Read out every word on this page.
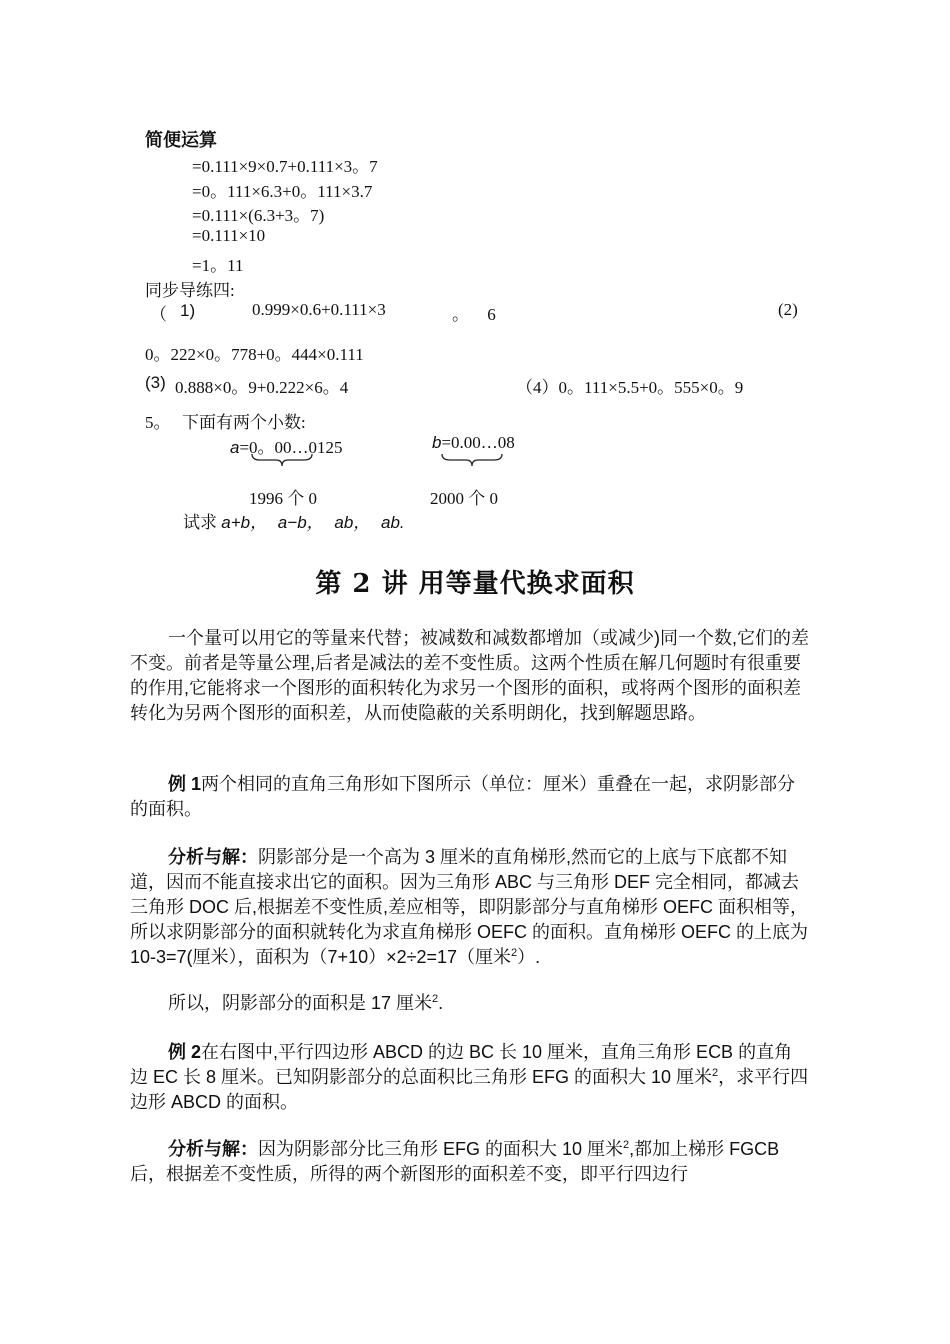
简便运算
=0.111×9×0.7+0.111×3。7
=0。111×6.3+0。111×3.7
=0.111×(6.3+3。7)
=0.111×10
=1。11
同步导练四:
（ 1)	0.999×0.6+0.111×3	。 6	(2)
0。222×0。778+0。444×0.111
(3) 0.888×0。9+0.222×6。4	（4）0。111×5.5+0。555×0。9
5。 下面有两个小数:
a=0。00…0125	b=0.00…08
1996 个 0	2000 个 0
试求 a+b， a−b， ab， ab.
第 2 讲 用等量代换求面积
一个量可以用它的等量来代替；被减数和减数都增加（或减少)同一个数,它们的差不变。前者是等量公理,后者是减法的差不变性质。这两个性质在解几何题时有很重要的作用,它能将求一个图形的面积转化为求另一个图形的面积，或将两个图形的面积差转化为另两个图形的面积差，从而使隐蔽的关系明朗化，找到解题思路。
例 1两个相同的直角三角形如下图所示（单位：厘米）重叠在一起，求阴影部分的面积。
分析与解：阴影部分是一个高为 3 厘米的直角梯形,然而它的上底与下底都不知道，因而不能直接求出它的面积。因为三角形 ABC 与三角形 DEF 完全相同，都减去三角形 DOC 后,根据差不变性质,差应相等，即阴影部分与直角梯形 OEFC 面积相等，所以求阴影部分的面积就转化为求直角梯形 OEFC 的面积。直角梯形 OEFC 的上底为 10-3=7(厘米），面积为（7+10）×2÷2=17（厘米$^2$）.
所以，阴影部分的面积是 17 厘米$^2$.
例 2在右图中,平行四边形 ABCD 的边 BC 长 10 厘米，直角三角形 ECB 的直角边 EC 长 8 厘米。已知阴影部分的总面积比三角形 EFG 的面积大 10 厘米$^2$，求平行四边形 ABCD 的面积。
分析与解：因为阴影部分比三角形 EFG 的面积大 10 厘米$^2$,都加上梯形 FGCB 后，根据差不变性质，所得的两个新图形的面积差不变，即平行四边行
